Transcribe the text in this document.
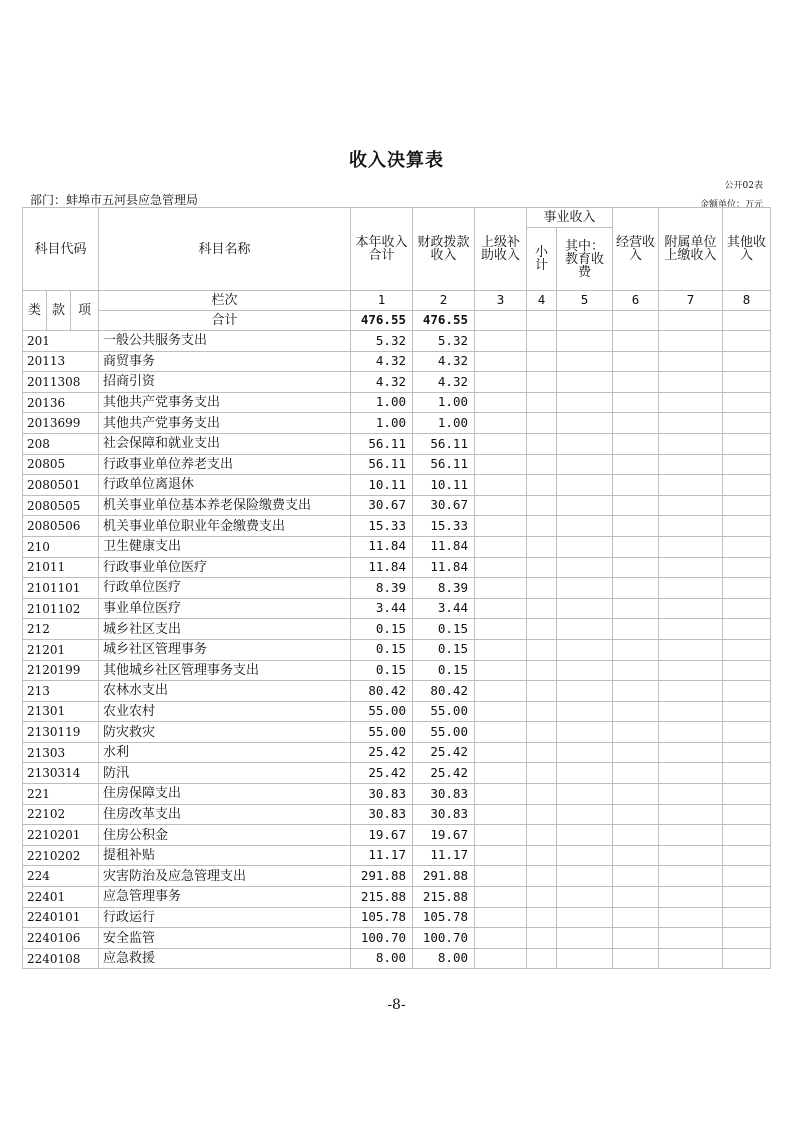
收入决算表
公开02表
部门：蚌埠市五河县应急管理局	金额单位：万元
科目代码			科目名称	本年收入合计	财政拨款收入	上级补助收入	事业收入		经营收入	附属单位上缴收入	其他收入
							小计	其中：教育收费			
类	款	项	栏次	1	2	3	4	5	6	7	8
			合计	476.55	476.55						
201			一般公共服务支出	5.32	5.32						
20113			商贸事务	4.32	4.32						
2011308			招商引资	4.32	4.32						
20136			其他共产党事务支出	1.00	1.00						
2013699			其他共产党事务支出	1.00	1.00						
208			社会保障和就业支出	56.11	56.11						
20805			行政事业单位养老支出	56.11	56.11						
2080501			行政单位离退休	10.11	10.11						
2080505			机关事业单位基本养老保险缴费支出	30.67	30.67						
2080506			机关事业单位职业年金缴费支出	15.33	15.33						
210			卫生健康支出	11.84	11.84						
21011			行政事业单位医疗	11.84	11.84						
2101101			行政单位医疗	8.39	8.39						
2101102			事业单位医疗	3.44	3.44						
212			城乡社区支出	0.15	0.15						
21201			城乡社区管理事务	0.15	0.15						
2120199			其他城乡社区管理事务支出	0.15	0.15						
213			农林水支出	80.42	80.42						
21301			农业农村	55.00	55.00						
2130119			防灾救灾	55.00	55.00						
21303			水利	25.42	25.42						
2130314			防汛	25.42	25.42						
221			住房保障支出	30.83	30.83						
22102			住房改革支出	30.83	30.83						
2210201			住房公积金	19.67	19.67						
2210202			提租补贴	11.17	11.17						
224			灾害防治及应急管理支出	291.88	291.88						
22401			应急管理事务	215.88	215.88						
2240101			行政运行	105.78	105.78						
2240106			安全监管	100.70	100.70						
2240108			应急救援	8.00	8.00						
-8-
